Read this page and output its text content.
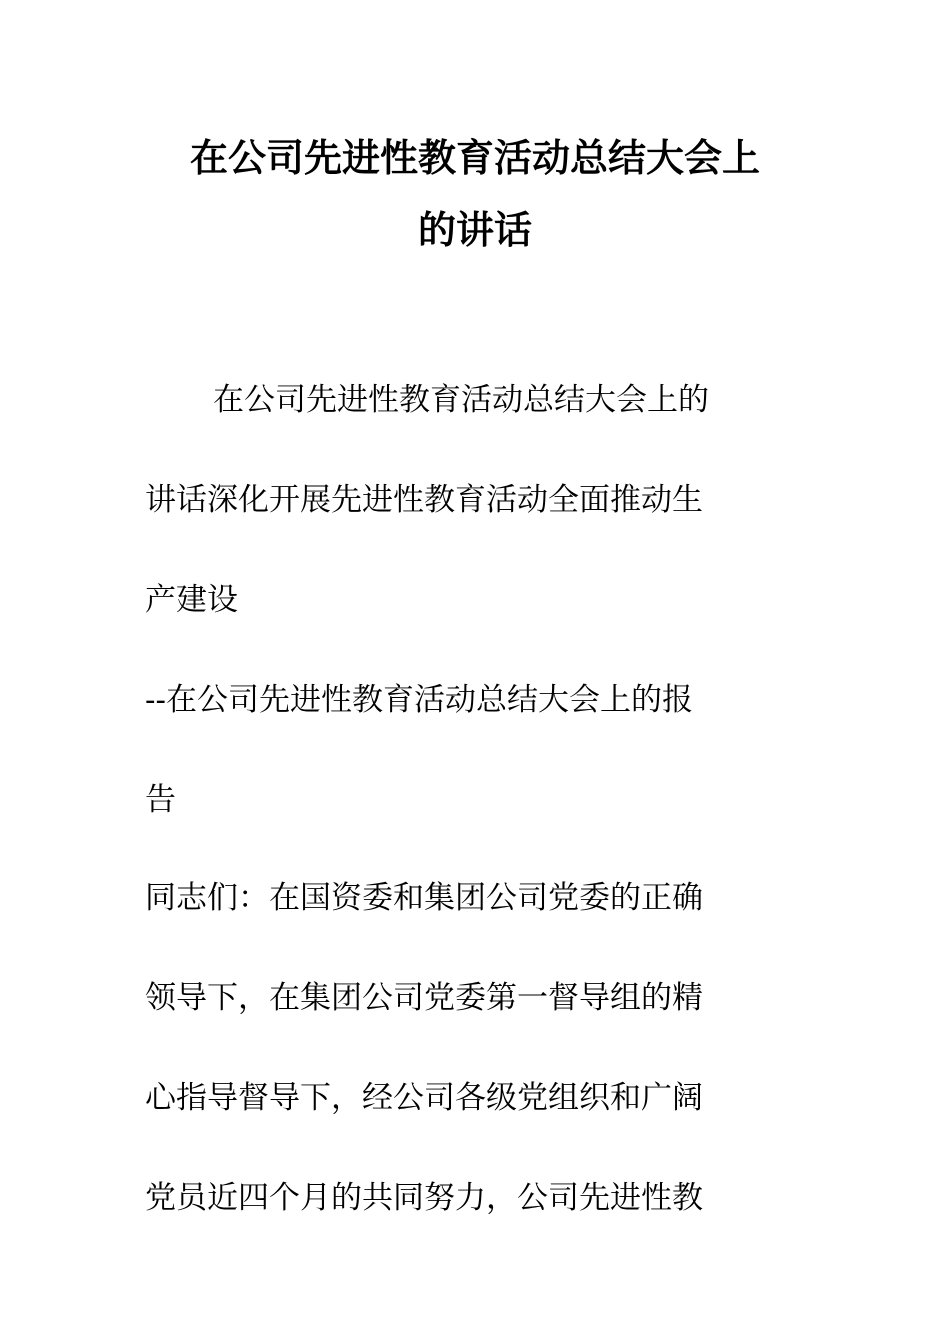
在公司先进性教育活动总结大会上
的讲话

在公司先进性教育活动总结大会上的

讲话深化开展先进性教育活动全面推动生

产建设

--在公司先进性教育活动总结大会上的报

告

同志们：在国资委和集团公司党委的正确

领导下，在集团公司党委第一督导组的精

心指导督导下，经公司各级党组织和广阔

党员近四个月的共同努力，公司先进性教
